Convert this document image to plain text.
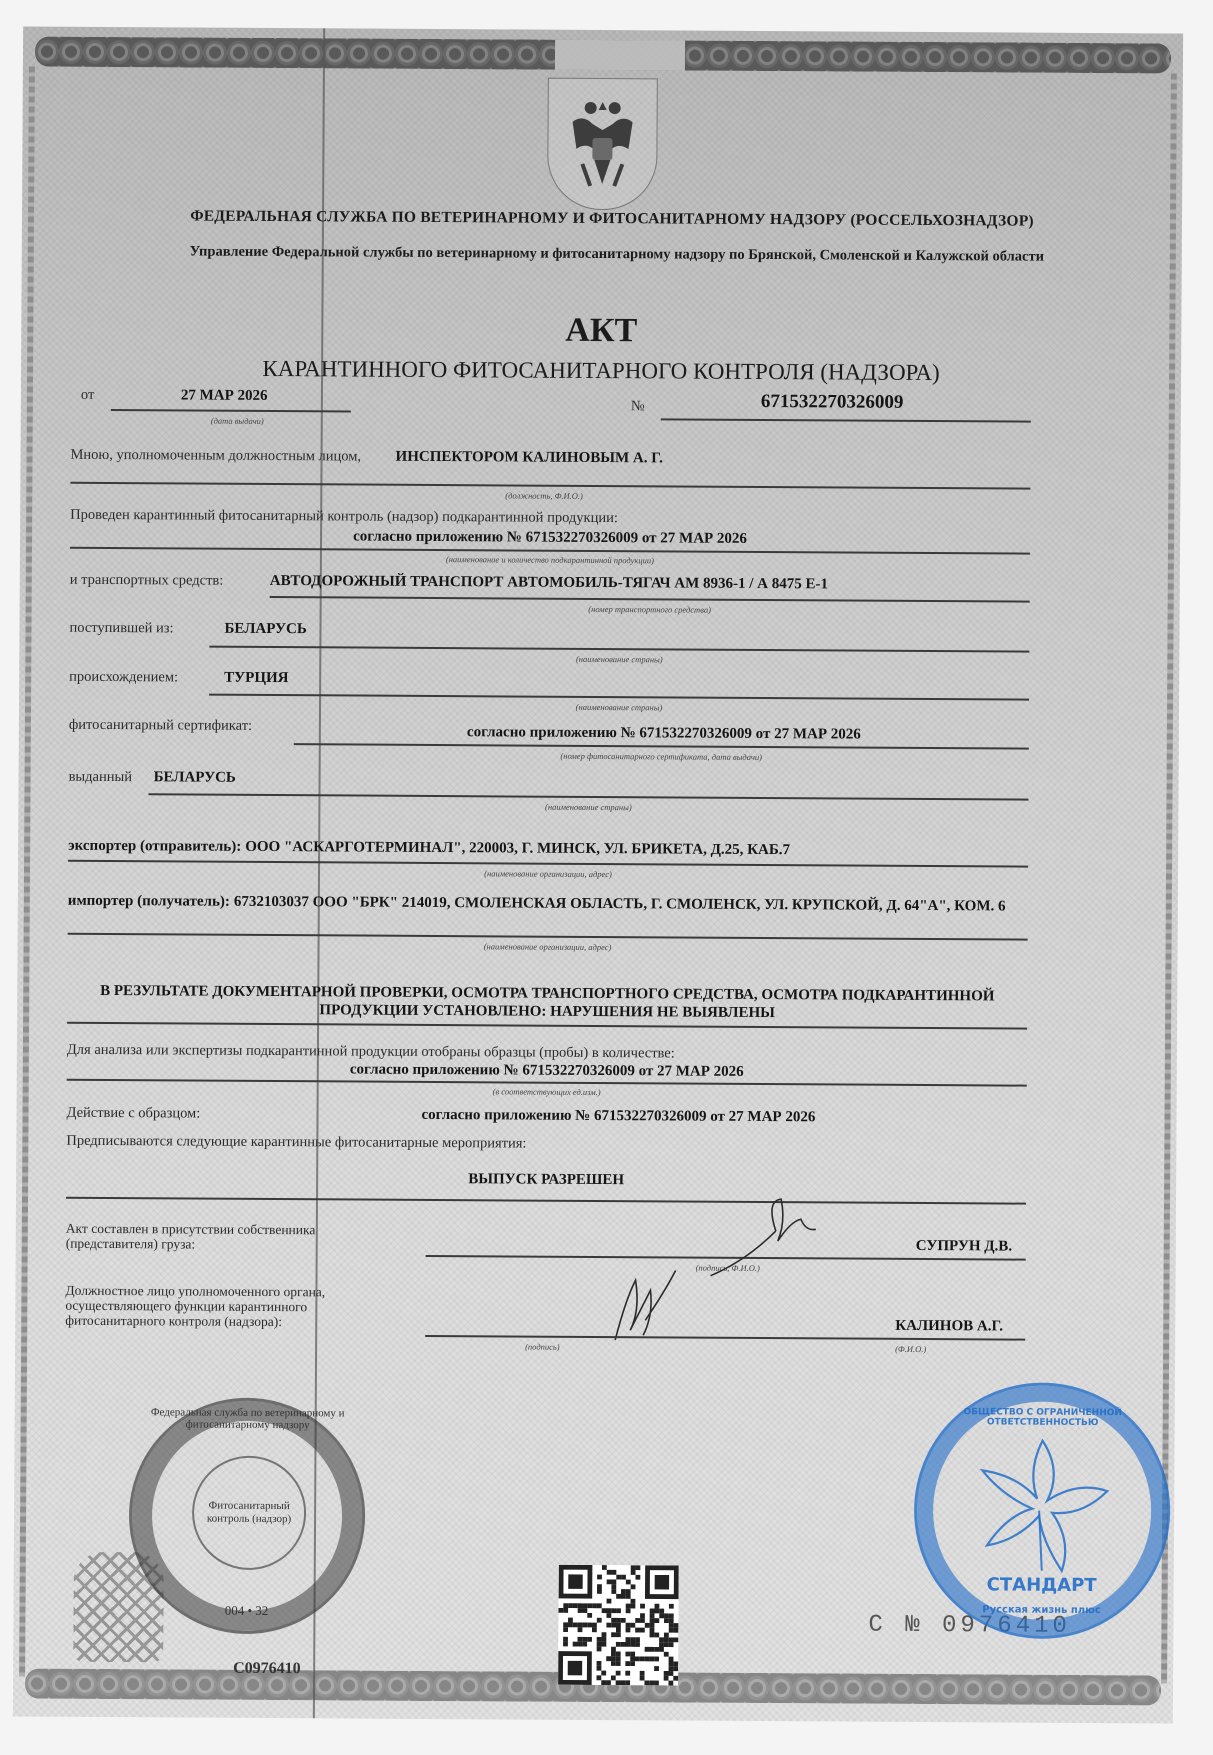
ФЕДЕРАЛЬНАЯ СЛУЖБА ПО ВЕТЕРИНАРНОМУ И ФИТОСАНИТАРНОМУ НАДЗОРУ (РОССЕЛЬХОЗНАДЗОР)
Управление Федеральной службы по ветеринарному и фитосанитарному надзору по Брянской, Смоленской и Калужской области
АКТ
КАРАНТИННОГО ФИТОСАНИТАРНОГО КОНТРОЛЯ (НАДЗОРА)
от	27 МАР 2026
(дата выдачи)
№	671532270326009
Мною, уполномоченным должностным лицом, ИНСПЕКТОРОМ КАЛИНОВЫМ А. Г.
(должность, Ф.И.О.)
Проведен карантинный фитосанитарный контроль (надзор) подкарантинной продукции:
согласно приложению № 671532270326009 от 27 МАР 2026
(наименование и количество подкарантинной продукции)
и транспортных средств:	АВТОДОРОЖНЫЙ ТРАНСПОРТ АВТОМОБИЛЬ-ТЯГАЧ АМ 8936-1 / А 8475 Е-1
(номер транспортного средства)
поступившей из:	БЕЛАРУСЬ
(наименование страны)
происхождением:	ТУРЦИЯ
(наименование страны)
фитосанитарный сертификат:	согласно приложению № 671532270326009 от 27 МАР 2026
(номер фитосанитарного сертификата, дата выдачи)
выданный БЕЛАРУСЬ
(наименование страны)
экспортер (отправитель): ООО "АСКАРГОТЕРМИНАЛ", 220003, Г. МИНСК, УЛ. БРИКЕТА, Д.25, КАБ.7
(наименование организации, адрес)
импортер (получатель): 6732103037 ООО "БРК" 214019, СМОЛЕНСКАЯ ОБЛАСТЬ, Г. СМОЛЕНСК, УЛ. КРУПСКОЙ, Д. 64"А", КОМ. 6
(наименование организации, адрес)
В РЕЗУЛЬТАТЕ ДОКУМЕНТАРНОЙ ПРОВЕРКИ, ОСМОТРА ТРАНСПОРТНОГО СРЕДСТВА, ОСМОТРА ПОДКАРАНТИННОЙ ПРОДУКЦИИ УСТАНОВЛЕНО: НАРУШЕНИЯ НЕ ВЫЯВЛЕНЫ
Для анализа или экспертизы подкарантинной продукции отобраны образцы (пробы) в количестве:
согласно приложению № 671532270326009 от 27 МАР 2026
(в соответствующих ед.изм.)
Действие с образцом:	согласно приложению № 671532270326009 от 27 МАР 2026
Предписываются следующие карантинные фитосанитарные мероприятия:
ВЫПУСК РАЗРЕШЕН
Акт составлен в присутствии собственника (представителя) груза:	СУПРУН Д.В.
(подпись, Ф.И.О.)
Должностное лицо уполномоченного органа, осуществляющего функции карантинного фитосанитарного контроля (надзора):	КАЛИНОВ А.Г.
(подпись)	(Ф.И.О.)
Федеральная служба по ветеринарному и фитосанитарному надзору
Фитосанитарный контроль (надзор)
004 • 32
C0976410
С № 0976410
ОБЩЕСТВО С ОГРАНИЧЕННОЙ ОТВЕТСТВЕННОСТЬЮ
СТАНДАРТ
Русская жизнь плюс
